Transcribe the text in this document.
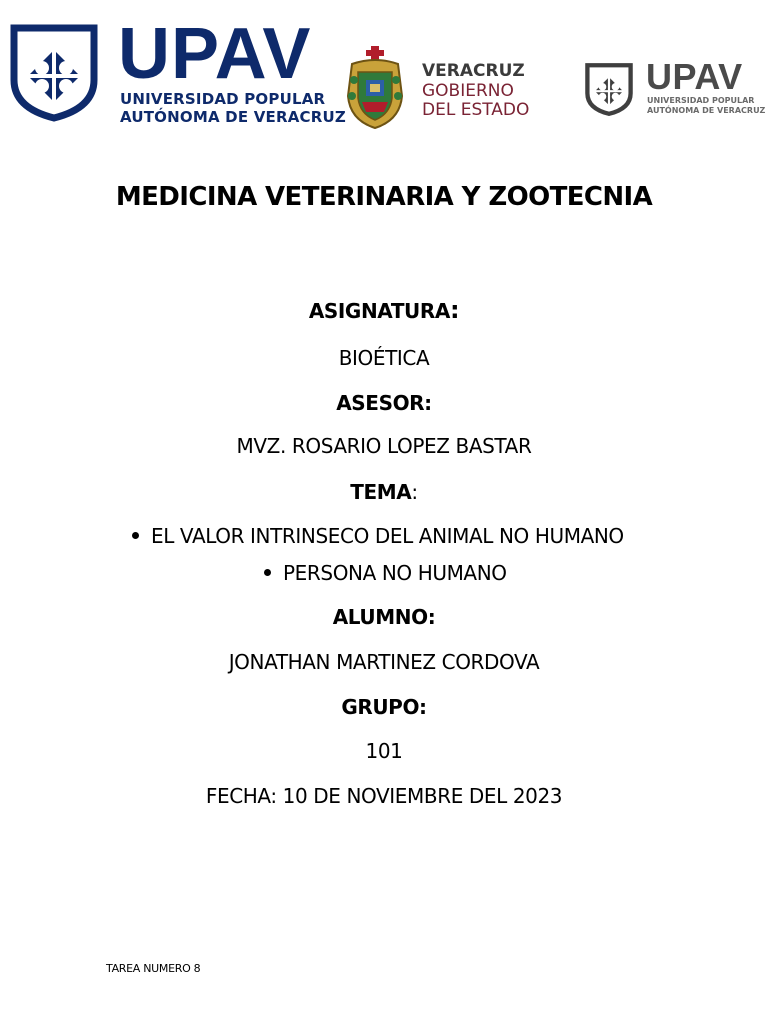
UPAV
UNIVERSIDAD POPULAR
AUTÓNOMA DE VERACRUZ
VERACRUZ
GOBIERNO
DEL ESTADO
UPAV
UNIVERSIDAD POPULAR
AUTÓNOMA DE VERACRUZ
MEDICINA VETERINARIA Y ZOOTECNIA
ASIGNATURA:
BIOÉTICA
ASESOR:
MVZ. ROSARIO LOPEZ BASTAR
TEMA:
EL VALOR INTRINSECO DEL ANIMAL NO HUMANO
PERSONA NO HUMANO
ALUMNO:
JONATHAN MARTINEZ CORDOVA
GRUPO:
101
FECHA: 10 DE NOVIEMBRE DEL 2023
TAREA NUMERO 8
